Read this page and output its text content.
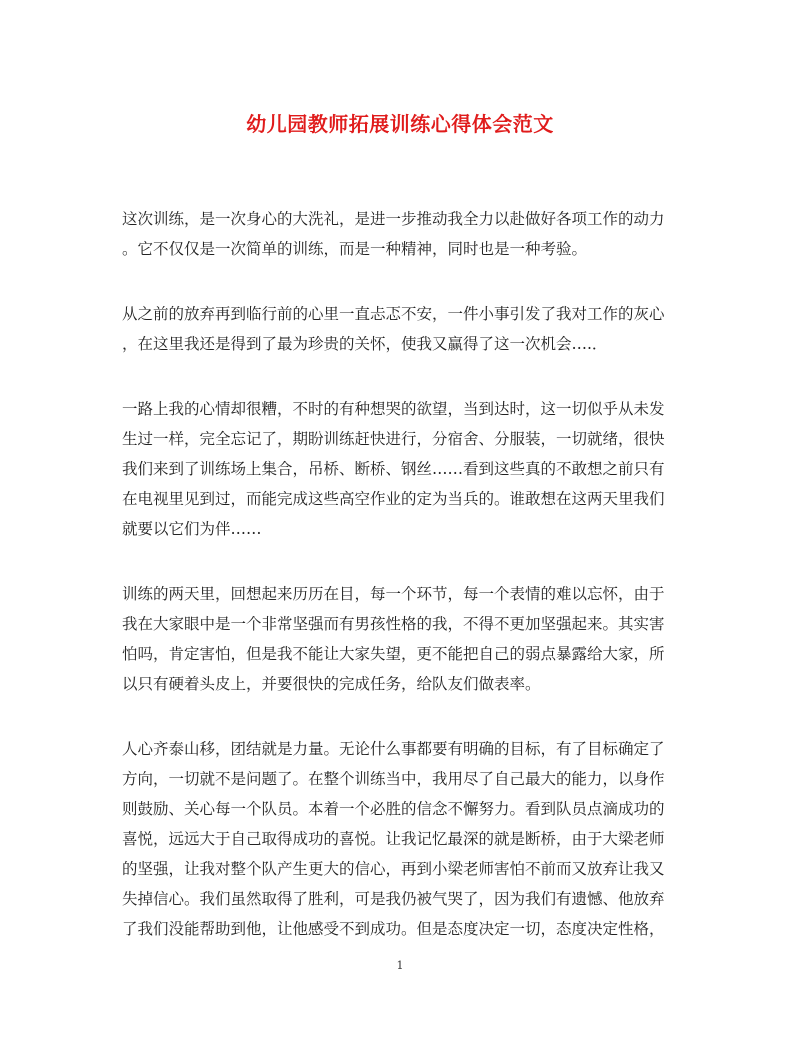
幼儿园教师拓展训练心得体会范文
这次训练，是一次身心的大洗礼，是进一步推动我全力以赴做好各项工作的动力
。它不仅仅是一次简单的训练，而是一种精神，同时也是一种考验。
从之前的放弃再到临行前的心里一直忐忑不安，一件小事引发了我对工作的灰心
，在这里我还是得到了最为珍贵的关怀，使我又赢得了这一次机会….．
一路上我的心情却很糟，不时的有种想哭的欲望，当到达时，这一切似乎从未发
生过一样，完全忘记了，期盼训练赶快进行，分宿舍、分服装，一切就绪，很快
我们来到了训练场上集合，吊桥、断桥、钢丝……看到这些真的不敢想之前只有
在电视里见到过，而能完成这些高空作业的定为当兵的。谁敢想在这两天里我们
就要以它们为伴……
训练的两天里，回想起来历历在目，每一个环节，每一个表情的难以忘怀，由于
我在大家眼中是一个非常坚强而有男孩性格的我，不得不更加坚强起来。其实害
怕吗，肯定害怕，但是我不能让大家失望，更不能把自己的弱点暴露给大家，所
以只有硬着头皮上，并要很快的完成任务，给队友们做表率。
人心齐泰山移，团结就是力量。无论什么事都要有明确的目标，有了目标确定了
方向，一切就不是问题了。在整个训练当中，我用尽了自己最大的能力，以身作
则鼓励、关心每一个队员。本着一个必胜的信念不懈努力。看到队员点滴成功的
喜悦，远远大于自己取得成功的喜悦。让我记忆最深的就是断桥，由于大梁老师
的坚强，让我对整个队产生更大的信心，再到小梁老师害怕不前而又放弃让我又
失掉信心。我们虽然取得了胜利，可是我仍被气哭了，因为我们有遗憾、他放弃
了我们没能帮助到他，让他感受不到成功。但是态度决定一切，态度决定性格，
1
